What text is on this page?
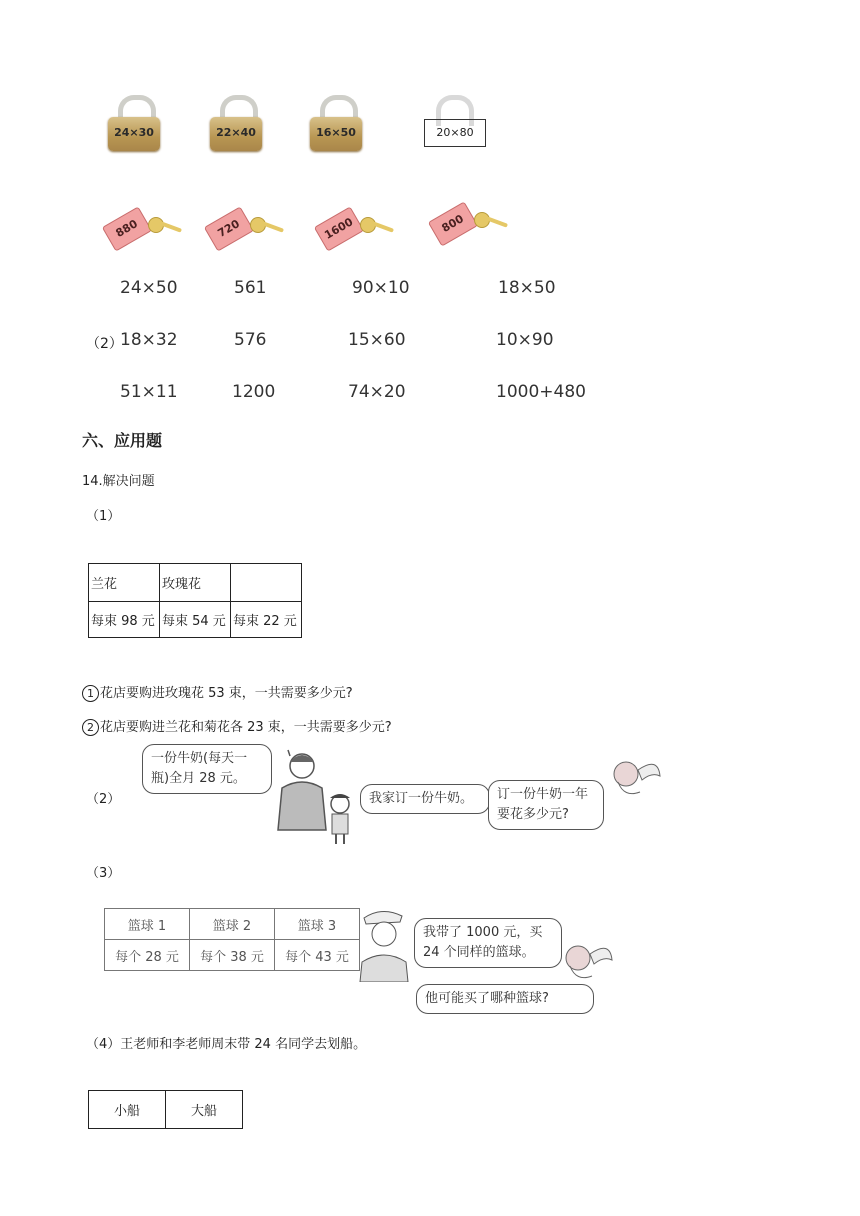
24×30	22×40	16×50	20×80
880	720	1600	800
24×50	561	90×10	18×50
（2）
18×32	576	15×60	10×90
51×11	1200	74×20	1000+480
六、应用题
14.解决问题
（1）
兰花	玫瑰花	
每束 98 元	每束 54 元	每束 22 元
1 花店要购进玫瑰花 53 束，一共需要多少元?
2 花店要购进兰花和菊花各 23 束，一共需要多少元?
（2）
一份牛奶(每天一瓶)全月 28 元。
我家订一份牛奶。	订一份牛奶一年要花多少元?
（3）
篮球 1	篮球 2	篮球 3
每个 28 元	每个 38 元	每个 43 元
我带了 1000 元，买 24 个同样的篮球。
他可能买了哪种篮球?
（4）王老师和李老师周末带 24 名同学去划船。
小船	大船
